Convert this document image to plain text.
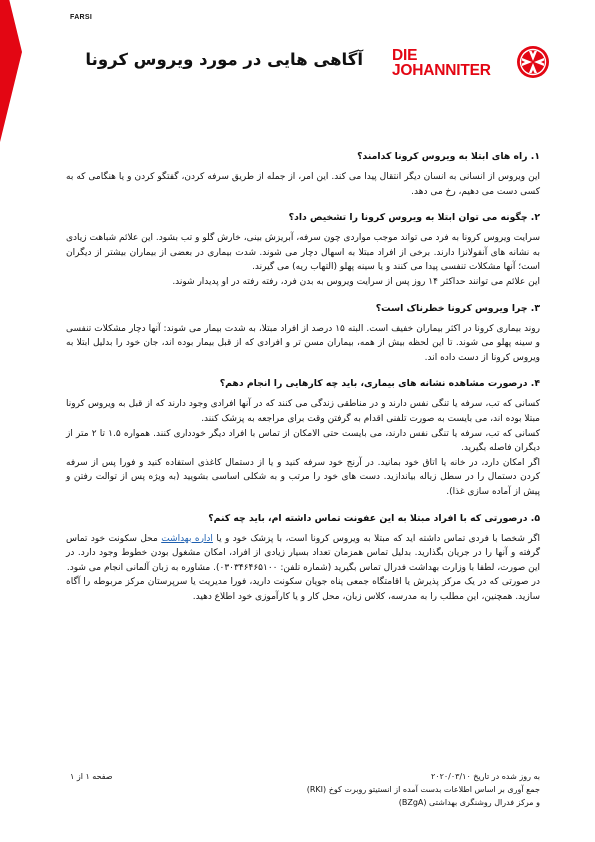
FARSI
آگاهی هایی در مورد ویروس کرونا DIE
JOHANNITER
۱. راه های ابتلا به ویروس کرونا کدامند؟

این ویروس از انسانی به انسان دیگر انتقال پیدا می کند. این امر، از جمله از طریق سرفه کردن، گفتگو کردن و یا هنگامی که به کسی دست می دهیم، رخ می دهد.

۲. چگونه می توان ابتلا به ویروس کرونا را تشخیص داد؟

سرایت ویروس کرونا به فرد می تواند موجب مواردی چون سرفه، آبریزش بینی، خارش گلو و تب بشود. این علائم شباهت زیادی به نشانه های آنفولانزا دارند. برخی از افراد مبتلا به اسهال دچار می شوند. شدت بیماری در بعضی از بیماران بیشتر از دیگران است؛ آنها مشکلات تنفسی پیدا می کنند و یا سینه پهلو (التهاب ریه) می گیرند.

این علائم می توانند حداکثر ۱۴ روز پس از سرایت ویروس به بدن فرد، رفته رفته در او پدیدار شوند.

۳. چرا ویروس کرونا خطرناک است؟

روند بیماری کرونا در اکثر بیماران خفیف است. البته ۱۵ درصد از افراد مبتلا، به شدت بیمار می شوند: آنها دچار مشکلات تنفسی و سینه پهلو می شوند. تا این لحظه بیش از همه، بیماران مسن تر و افرادی که از قبل بیمار بوده اند، جان خود را بدلیل ابتلا به ویروس کرونا از دست داده اند.

۴. درصورت مشاهده نشانه های بیماری، باید چه کارهایی را انجام دهم؟

کسانی که تب، سرفه یا تنگی نفس دارند و در مناطقی زندگی می کنند که در آنها افرادی وجود دارند که از قبل به ویروس کرونا مبتلا بوده اند، می بایست به صورت تلفنی اقدام به گرفتن وقت برای مراجعه به پزشک کنند.

کسانی که تب، سرفه یا تنگی نفس دارند، می بایست حتی الامکان از تماس با افراد دیگر خودداری کنند. همواره ۱.۵ تا ۲ متر از دیگران فاصله بگیرید.

اگر امکان دارد، در خانه یا اتاق خود بمانید. در آرنج خود سرفه کنید و یا از دستمال کاغذی استفاده کنید و فورا پس از سرفه کردن دستمال را در سطل زباله بیاندازید. دست های خود را مرتب و به شکلی اساسی بشویید (به ویژه پس از توالت رفتن و پیش از آماده سازی غذا).

۵. درصورتی که با افراد مبتلا به این عفونت تماس داشته ام، باید چه کنم؟

اگر شخصا با فردی تماس داشته اید که مبتلا به ویروس کرونا است، با پزشک خود و یا اداره بهداشت محل سکونت خود تماس گرفته و آنها را در جریان بگذارید. بدلیل تماس همزمان تعداد بسیار زیادی از افراد، امکان مشغول بودن خطوط وجود دارد. در این صورت، لطفا با وزارت بهداشت فدرال تماس بگیرید (شماره تلفن: ۰۳۰۳۴۶۴۶۵۱۰۰). مشاوره به زبان آلمانی انجام می شود.

در صورتی که در یک مرکز پذیرش یا اقامتگاه جمعی پناه جویان سکونت دارید، فورا مدیریت یا سرپرستان مرکز مربوطه را آگاه سازید. همچنین، این مطلب را به مدرسه، کلاس زبان، محل کار و یا کارآموزی خود اطلاع دهید.

به روز شده در تاریخ ۲۰۲۰/۰۳/۱۰
جمع آوری بر اساس اطلاعات بدست آمده از انستیتو روبرت کوخ (RKI)
و مرکز فدرال روشنگری بهداشتی (BZgA)
صفحه ۱ از ۱
